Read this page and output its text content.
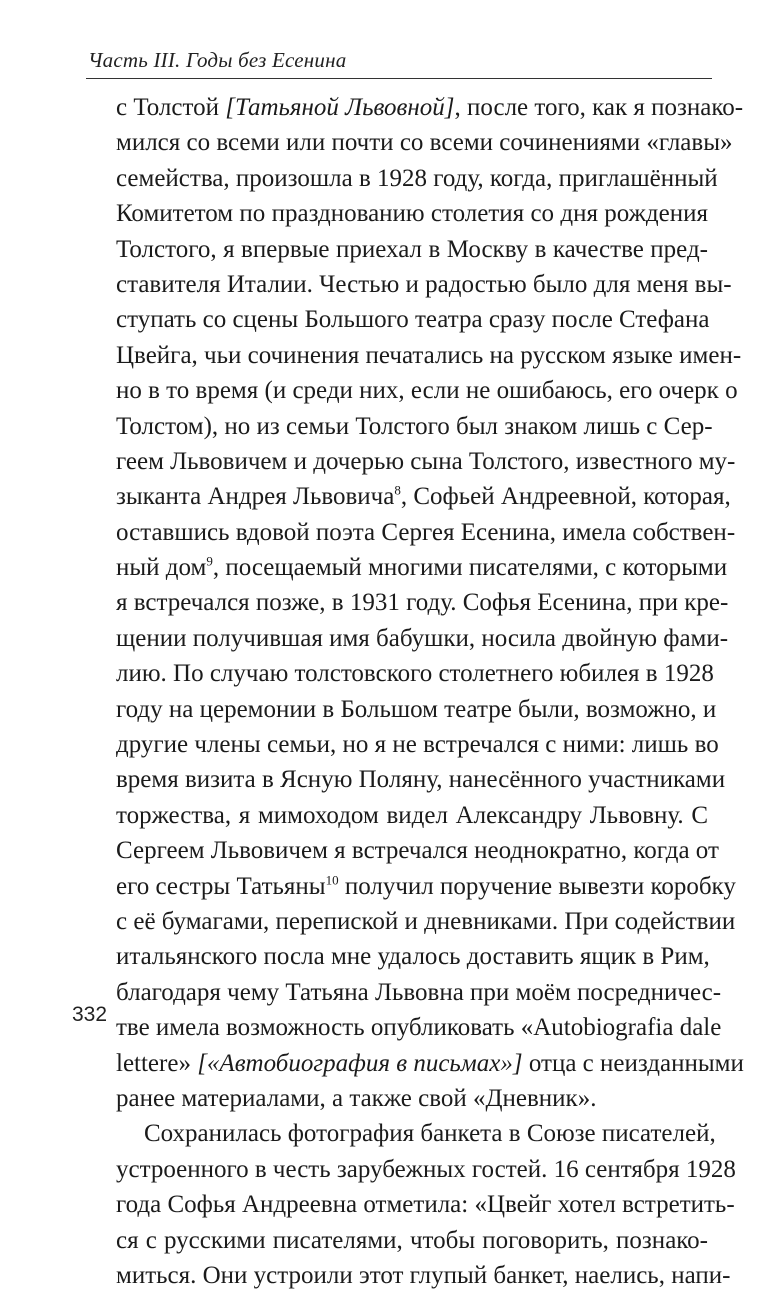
Часть III. Годы без Есенина
с Толстой [Татьяной Львовной], после того, как я познако-
мился со всеми или почти со всеми сочинениями «главы»
семейства, произошла в 1928 году, когда, приглашённый
Комитетом по празднованию столетия со дня рождения
Толстого, я впервые приехал в Москву в качестве пред-
ставителя Италии. Честью и радостью было для меня вы-
ступать со сцены Большого театра сразу после Стефана
Цвейга, чьи сочинения печатались на русском языке имен-
но в то время (и среди них, если не ошибаюсь, его очерк о
Толстом), но из семьи Толстого был знаком лишь с Сер-
геем Львовичем и дочерью сына Толстого, известного му-
зыканта Андрея Львовича$^8$, Софьей Андреевной, которая,
оставшись вдовой поэта Сергея Есенина, имела собствен-
ный дом$^9$, посещаемый многими писателями, с которыми
я встречался позже, в 1931 году. Софья Есенина, при кре-
щении получившая имя бабушки, носила двойную фами-
лию. По случаю толстовского столетнего юбилея в 1928
году на церемонии в Большом театре были, возможно, и
другие члены семьи, но я не встречался с ними: лишь во
время визита в Ясную Поляну, нанесённого участниками
торжества, я мимоходом видел Александру Львовну. С
Сергеем Львовичем я встречался неоднократно, когда от
его сестры Татьяны$^{10}$ получил поручение вывезти коробку
с её бумагами, перепиской и дневниками. При содействии
итальянского посла мне удалось доставить ящик в Рим,
благодаря чему Татьяна Львовна при моём посредничес-
тве имела возможность опубликовать «Autobiografia dale
lettere» [«Автобиография в письмах»] отца с неизданными
ранее материалами, а также свой «Дневник».
Сохранилась фотография банкета в Союзе писателей,
устроенного в честь зарубежных гостей. 16 сентября 1928
года Софья Андреевна отметила: «Цвейг хотел встретить-
ся с русскими писателями, чтобы поговорить, познако-
миться. Они устроили этот глупый банкет, наелись, напи-
332
